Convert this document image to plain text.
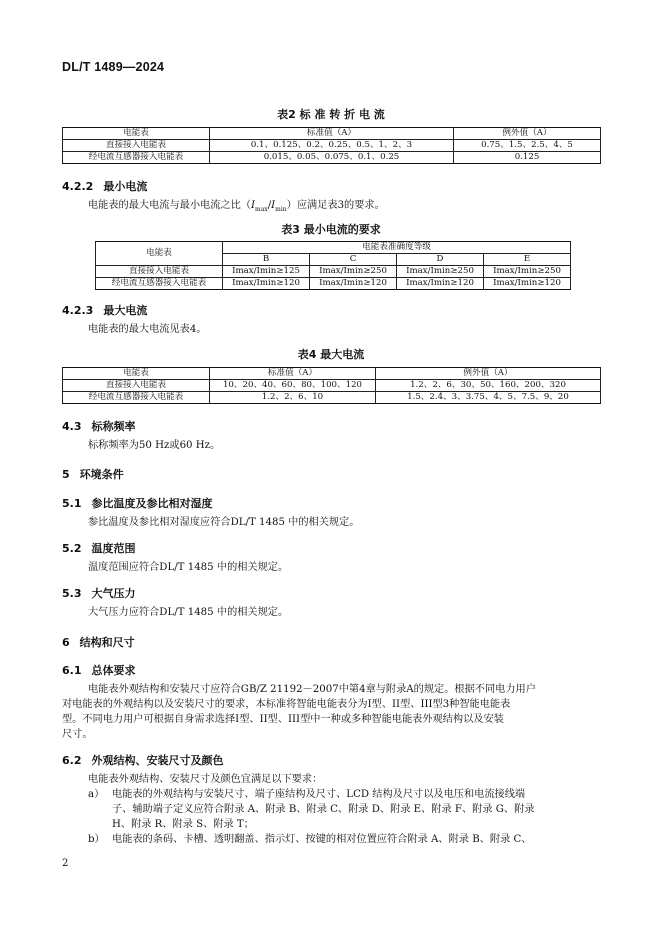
DL/T 1489—2024
表2 标 准 转 折 电 流
电能表	标准值（A）	例外值（A）
直接接入电能表	0.1、0.125、0.2、0.25、0.5、1、2、3	0.75、1.5、2.5、4、5
经电流互感器接入电能表	0.015、0.05、0.075、0.1、0.25	0.125
4.2.2 最小电流
电能表的最大电流与最小电流之比$(I_{max}/I_{min})$应满足表3的要求。
表3 最小电流的要求
电能表	电能表准确度等级			
	B	C	D	E
直接接入电能表	Imax/Imin≥125	Imax/Imin≥250	Imax/Imin≥250	Imax/Imin≥250
经电流互感器接入电能表	Imax/Imin≥120	Imax/Imin≥120	Imax/Imin≥120	Imax/Imin≥120
4.2.3 最大电流
电能表的最大电流见表4。
表4 最大电流
电能表	标准值（A）	例外值（A）
直接接入电能表	10、20、40、60、80、100、120	1.2、2、6、30、50、160、200、320
经电流互感器接入电能表	1.2、2、6、10	1.5、2.4、3、3.75、4、5、7.5、9、20
4.3 标称频率
标称频率为50 Hz或60 Hz。
5 环境条件
5.1 参比温度及参比相对湿度
参比温度及参比相对湿度应符合DL/T 1485 中的相关规定。
5.2 温度范围
温度范围应符合DL/T 1485 中的相关规定。
5.3 大气压力
大气压力应符合DL/T 1485 中的相关规定。
6 结构和尺寸
6.1 总体要求
电能表外观结构和安装尺寸应符合GB/Z 21192－2007中第4章与附录A的规定。根据不同电力用户
对电能表的外观结构以及安装尺寸的要求，本标准将智能电能表分为I型、II型、III型3种智能电能表
型。不同电力用户可根据自身需求选择I型、II型、III型中一种或多种智能电能表外观结构以及安装
尺寸。
6.2 外观结构、安装尺寸及颜色
电能表外观结构、安装尺寸及颜色宜满足以下要求：
a） 电能表的外观结构与安装尺寸、端子座结构及尺寸、LCD 结构及尺寸以及电压和电流接线端
子、辅助端子定义应符合附录 A、附录 B、附录 C、附录 D、附录 E、附录 F、附录 G、附录
H、附录 R、附录 S、附录 T；
b） 电能表的条码、卡槽、透明翻盖、指示灯、按键的相对位置应符合附录 A、附录 B、附录 C、
2
